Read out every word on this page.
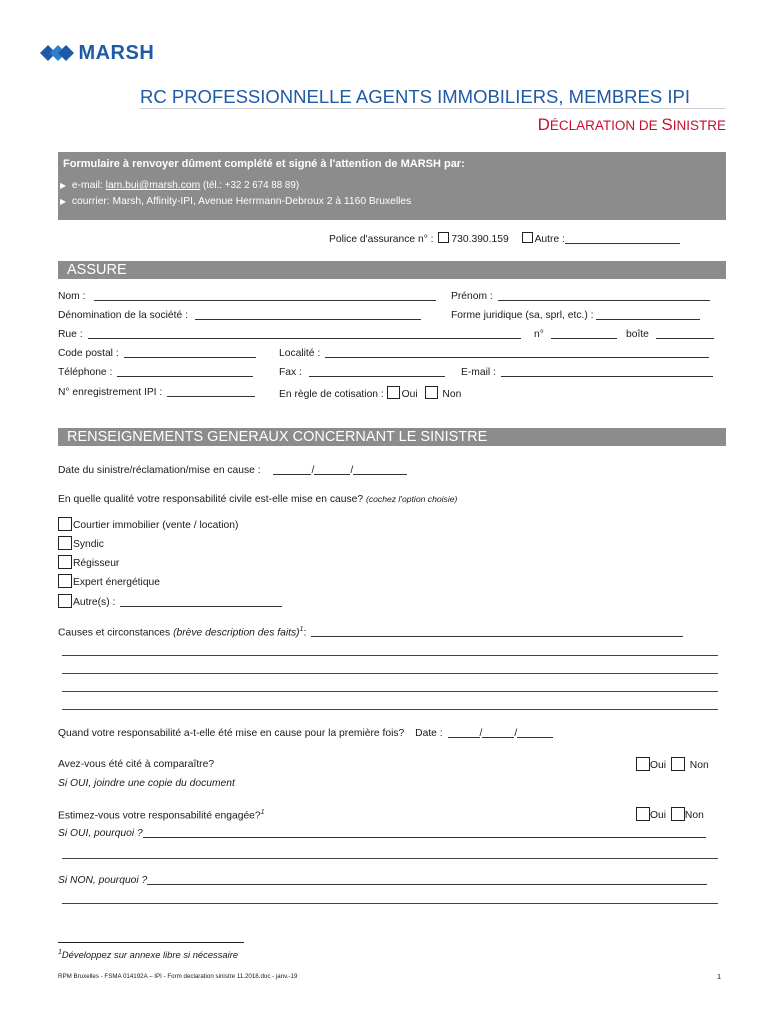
MARSH
RC PROFESSIONNELLE AGENTS IMMOBILIERS, MEMBRES IPI
DÉCLARATION DE SINISTRE
Formulaire à renvoyer dûment complété et signé à l'attention de MARSH par:
▶ e-mail: lam.bui@marsh.com (tél.: +32 2 674 88 89)
▶ courrier: Marsh, Affinity-IPI, Avenue Herrmann-Debroux 2 à 1160 Bruxelles
Police d'assurance n° : 730.390.159	Autre :
ASSURE
Nom :	Prénom :
Dénomination de la société :	Forme juridique (sa, sprl, etc.) :
Rue :	n°	boîte
Code postal :	Localité :
Téléphone :	Fax :	E-mail :
N° enregistrement IPI :	En règle de cotisation : Oui Non
RENSEIGNEMENTS GENERAUX CONCERNANT LE SINISTRE
Date du sinistre/réclamation/mise en cause :	/	/
En quelle qualité votre responsabilité civile est-elle mise en cause? (cochez l'option choisie)
Courtier immobilier (vente / location)
Syndic
Régisseur
Expert énergétique
Autre(s) :
Causes et circonstances (brève description des faits)$^1$:
Quand votre responsabilité a-t-elle été mise en cause pour la première fois? Date :	/	/
Avez-vous été cité à comparaître?	Oui Non
Si OUI, joindre une copie du document
Estimez-vous votre responsabilité engagée?$^1$	Oui Non
Si OUI, pourquoi ?
Si NON, pourquoi ?
$^1$Développez sur annexe libre si nécessaire
RPM Bruxelles - FSMA 014192A – IPI - Form declaration sinistre 11.2018.doc - janv.-19	1
